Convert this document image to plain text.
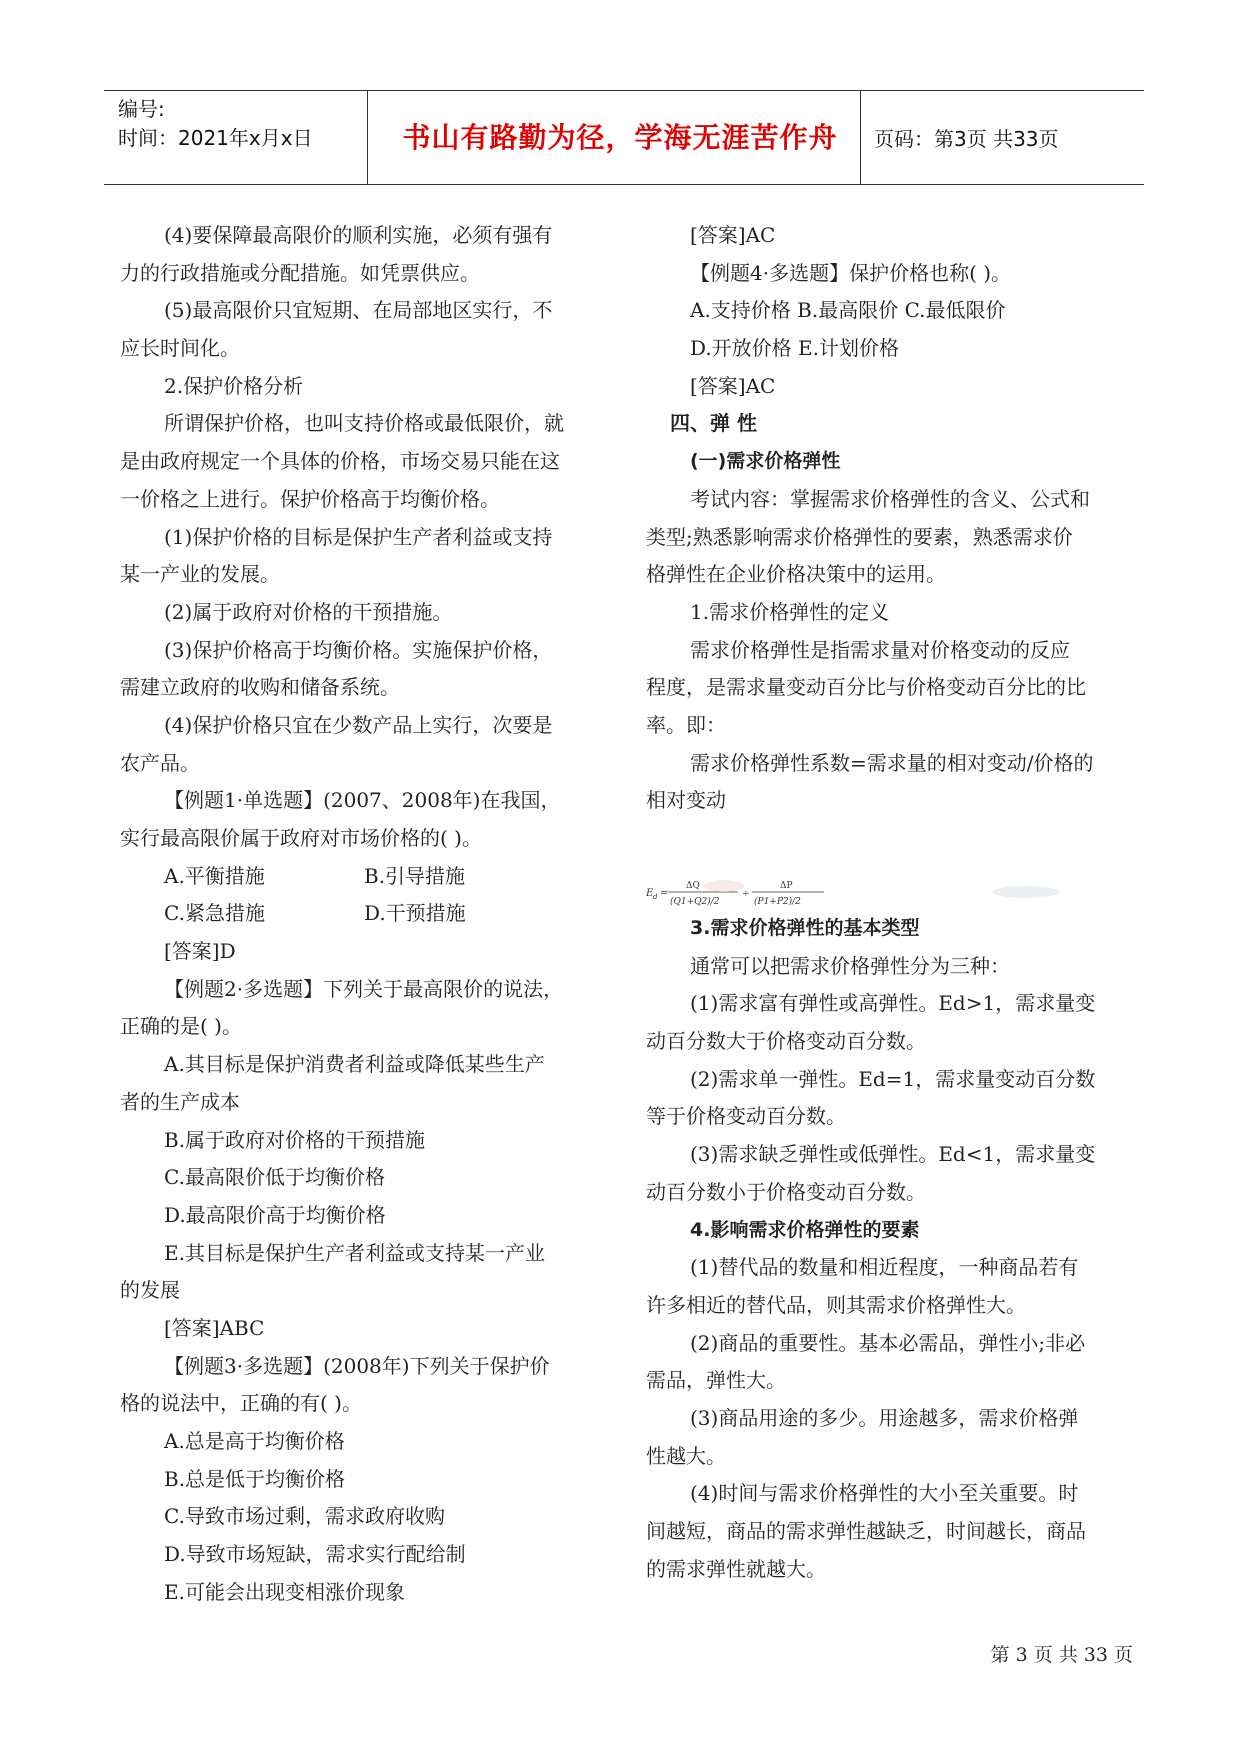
编号:
时间：2021年x月x日	书山有路勤为径，学海无涯苦作舟	页码：第3页 共33页
(4)要保障最高限价的顺利实施，必须有强有
力的行政措施或分配措施。如凭票供应。
(5)最高限价只宜短期、在局部地区实行，不
应长时间化。
2.保护价格分析
所谓保护价格，也叫支持价格或最低限价，就
是由政府规定一个具体的价格，市场交易只能在这
一价格之上进行。保护价格高于均衡价格。
(1)保护价格的目标是保护生产者利益或支持
某一产业的发展。
(2)属于政府对价格的干预措施。
(3)保护价格高于均衡价格。实施保护价格，
需建立政府的收购和储备系统。
(4)保护价格只宜在少数产品上实行，次要是
农产品。
【例题1·单选题】(2007、2008年)在我国，
实行最高限价属于政府对市场价格的( )。
A.平衡措施	B.引导措施
C.紧急措施	D.干预措施
[答案]D
【例题2·多选题】下列关于最高限价的说法，
正确的是( )。
A.其目标是保护消费者利益或降低某些生产
者的生产成本
B.属于政府对价格的干预措施
C.最高限价低于均衡价格
D.最高限价高于均衡价格
E.其目标是保护生产者利益或支持某一产业
的发展
[答案]ABC
【例题3·多选题】(2008年)下列关于保护价
格的说法中，正确的有( )。
A.总是高于均衡价格
B.总是低于均衡价格
C.导致市场过剩，需求政府收购
D.导致市场短缺，需求实行配给制
E.可能会出现变相涨价现象
[答案]AC
【例题4·多选题】保护价格也称( )。
A.支持价格 B.最高限价 C.最低限价
D.开放价格 E.计划价格
[答案]AC
四、弹 性
(一)需求价格弹性
考试内容：掌握需求价格弹性的含义、公式和
类型;熟悉影响需求价格弹性的要素，熟悉需求价
格弹性在企业价格决策中的运用。
1.需求价格弹性的定义
需求价格弹性是指需求量对价格变动的反应
程度，是需求量变动百分比与价格变动百分比的比
率。即：
需求价格弹性系数=需求量的相对变动/价格的
相对变动
E d =
ΔQ
(Q1+Q2)/2
÷
ΔP
(P1+P2)/2
3.需求价格弹性的基本类型
通常可以把需求价格弹性分为三种：
(1)需求富有弹性或高弹性。Ed>1，需求量变
动百分数大于价格变动百分数。
(2)需求单一弹性。Ed=1，需求量变动百分数
等于价格变动百分数。
(3)需求缺乏弹性或低弹性。Ed<1，需求量变
动百分数小于价格变动百分数。
4.影响需求价格弹性的要素
(1)替代品的数量和相近程度，一种商品若有
许多相近的替代品，则其需求价格弹性大。
(2)商品的重要性。基本必需品，弹性小;非必
需品，弹性大。
(3)商品用途的多少。用途越多，需求价格弹
性越大。
(4)时间与需求价格弹性的大小至关重要。时
间越短，商品的需求弹性越缺乏，时间越长，商品
的需求弹性就越大。
第 3 页 共 33 页
